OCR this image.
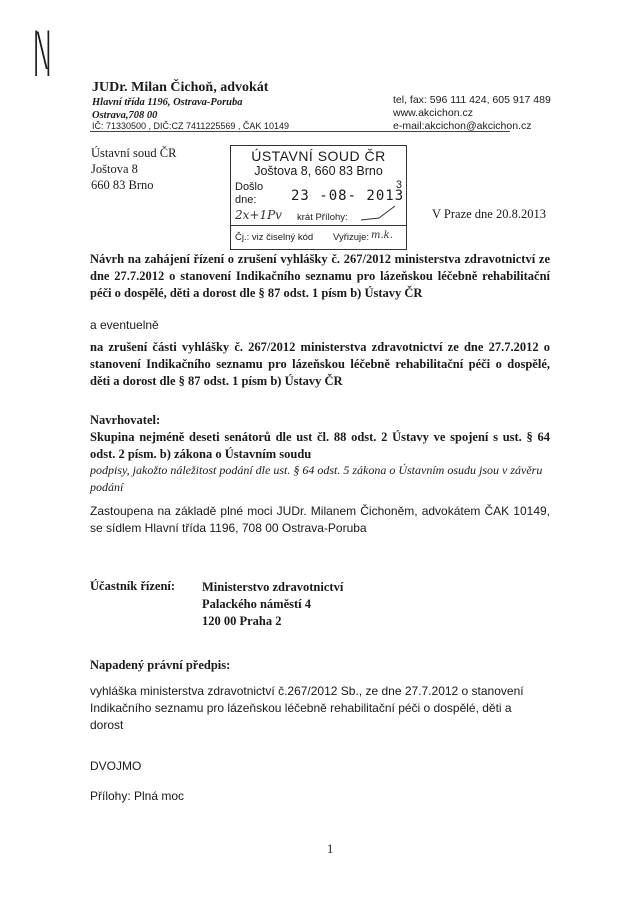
|\|
JUDr. Milan Čichoň, advokát
Hlavní třída 1196, Ostrava-Poruba
Ostrava,708 00
IČ: 71330500 , DIČ:CZ 7411225569 , ČAK 10149
tel, fax: 596 111 424, 605 917 489
www.akcichon.cz
e-mail:akcichon@akcichon.cz
Ústavní soud ČR
Joštova 8
660 83 Brno
ÚSTAVNÍ SOUD ČR
Joštova 8, 660 83 Brno
Došlo
dne: 23 -08- 2013
3
2x+1Pv krát Přílohy:
Čj.: viz čiselný kód Vyřizuje: m.k.
V Praze dne 20.8.2013
Návrh na zahájení řízení o zrušení vyhlášky č. 267/2012 ministerstva zdravotnictví ze dne 27.7.2012 o stanovení Indikačního seznamu pro lázeňskou léčebně rehabilitační péči o dospělé, děti a dorost dle § 87 odst. 1 písm b) Ústavy ČR
a eventuelně
na zrušení části vyhlášky č. 267/2012 ministerstva zdravotnictví ze dne 27.7.2012 o stanovení Indikačního seznamu pro lázeňskou léčebně rehabilitační péči o dospělé, děti a dorost dle § 87 odst. 1 písm b) Ústavy ČR
Navrhovatel:
Skupina nejméně deseti senátorů dle ust čl. 88 odst. 2 Ústavy ve spojení s ust. § 64 odst. 2 písm. b) zákona o Ústavním soudu
podpisy, jakožto náležitost podání dle ust. § 64 odst. 5 zákona o Ústavním osudu jsou v závěru podání
Zastoupena na základě plné moci JUDr. Milanem Čichoněm, advokátem ČAK 10149, se sídlem Hlavní třída 1196, 708 00 Ostrava-Poruba
Účastník řízení: Ministerstvo zdravotnictví
Palackého náměstí 4
120 00 Praha 2
Napadený právní předpis:
vyhláška ministerstva zdravotnictví č.267/2012 Sb., ze dne 27.7.2012 o stanovení Indikačního seznamu pro lázeňskou léčebně rehabilitační péči o dospělé, děti a dorost
DVOJMO
Přílohy: Plná moc
1
